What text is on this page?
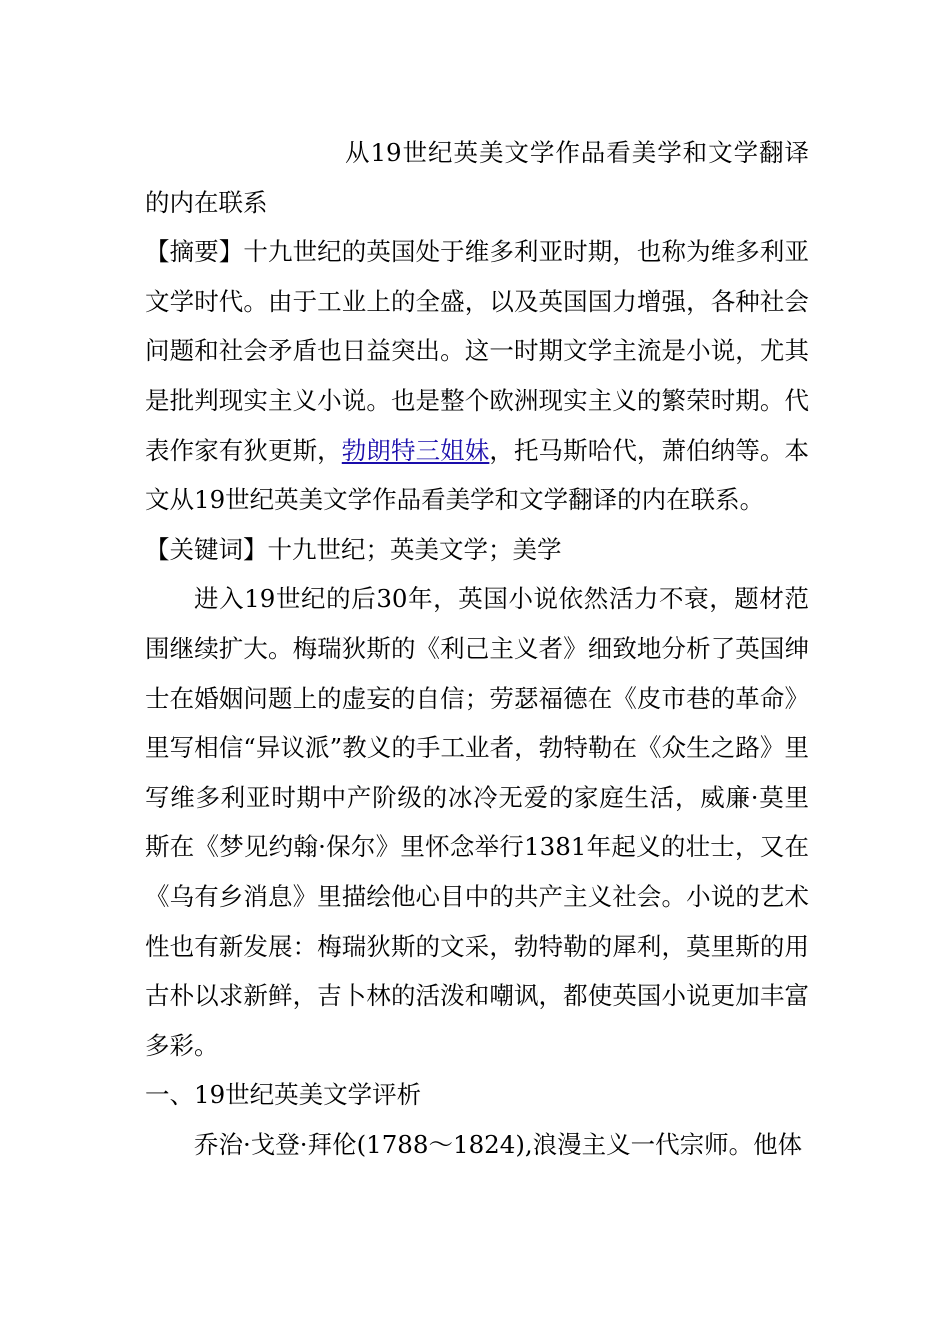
从19世纪英美文学作品看美学和文学翻译的内在联系

【摘要】十九世纪的英国处于维多利亚时期，也称为维多利亚文学时代。由于工业上的全盛，以及英国国力增强，各种社会问题和社会矛盾也日益突出。这一时期文学主流是小说，尤其是批判现实主义小说。也是整个欧洲现实主义的繁荣时期。代表作家有狄更斯，勃朗特三姐妹，托马斯哈代，萧伯纳等。本文从19世纪英美文学作品看美学和文学翻译的内在联系。

【关键词】十九世纪；英美文学；美学

进入19世纪的后30年，英国小说依然活力不衰，题材范围继续扩大。梅瑞狄斯的《利己主义者》细致地分析了英国绅士在婚姻问题上的虚妄的自信；劳瑟福德在《皮市巷的革命》里写相信“异议派”教义的手工业者，勃特勒在《众生之路》里写维多利亚时期中产阶级的冰冷无爱的家庭生活，威廉·莫里斯在《梦见约翰·保尔》里怀念举行1381年起义的壮士，又在《乌有乡消息》里描绘他心目中的共产主义社会。小说的艺术性也有新发展：梅瑞狄斯的文采，勃特勒的犀利，莫里斯的用古朴以求新鲜，吉卜林的活泼和嘲讽，都使英国小说更加丰富多彩。

一、19世纪英美文学评析

乔治·戈登·拜伦(1788～1824),浪漫主义一代宗师。他体
